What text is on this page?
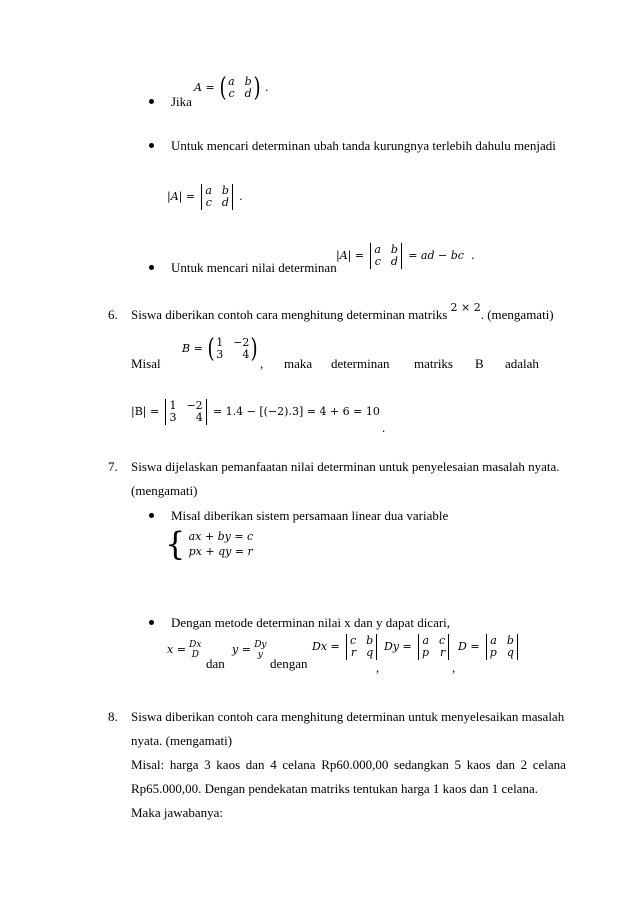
Jika
A = ( a b
c d ) .
Untuk mencari determinan ubah tanda kurungnya terlebih dahulu menjadi
|A| = a b
c d .
Untuk mencari nilai determinan
|A| = a b
c d = ad − bc .
6. Siswa diberikan contoh cara menghitung determinan matriks $^{2 \times 2}$. (mengamati)
Misal
B = ( 1 −2
3	4 ) , maka determinan matriks B adalah
|B| = 1 −2
3	4 = 1.4 − [(−2).3] = 4 + 6 = 10
.
7. Siswa dijelaskan pemanfaatan nilai determinan untuk penyelesaian masalah nyata.
(mengamati)
Misal diberikan sistem persamaan linear dua variable
{ ax + by = c
px + qy = r
Dengan metode determinan nilai x dan y dapat dicari,
x = Dx
D
dan
y = Dy
y
dengan
Dx = c b
r q
,
Dy = a c
p r
,
D = a b
p q
8. Siswa diberikan contoh cara menghitung determinan untuk menyelesaikan masalah
nyata. (mengamati)
Misal: harga 3 kaos dan 4 celana Rp60.000,00 sedangkan 5 kaos dan 2 celana
Rp65.000,00. Dengan pendekatan matriks tentukan harga 1 kaos dan 1 celana.
Maka jawabanya:
